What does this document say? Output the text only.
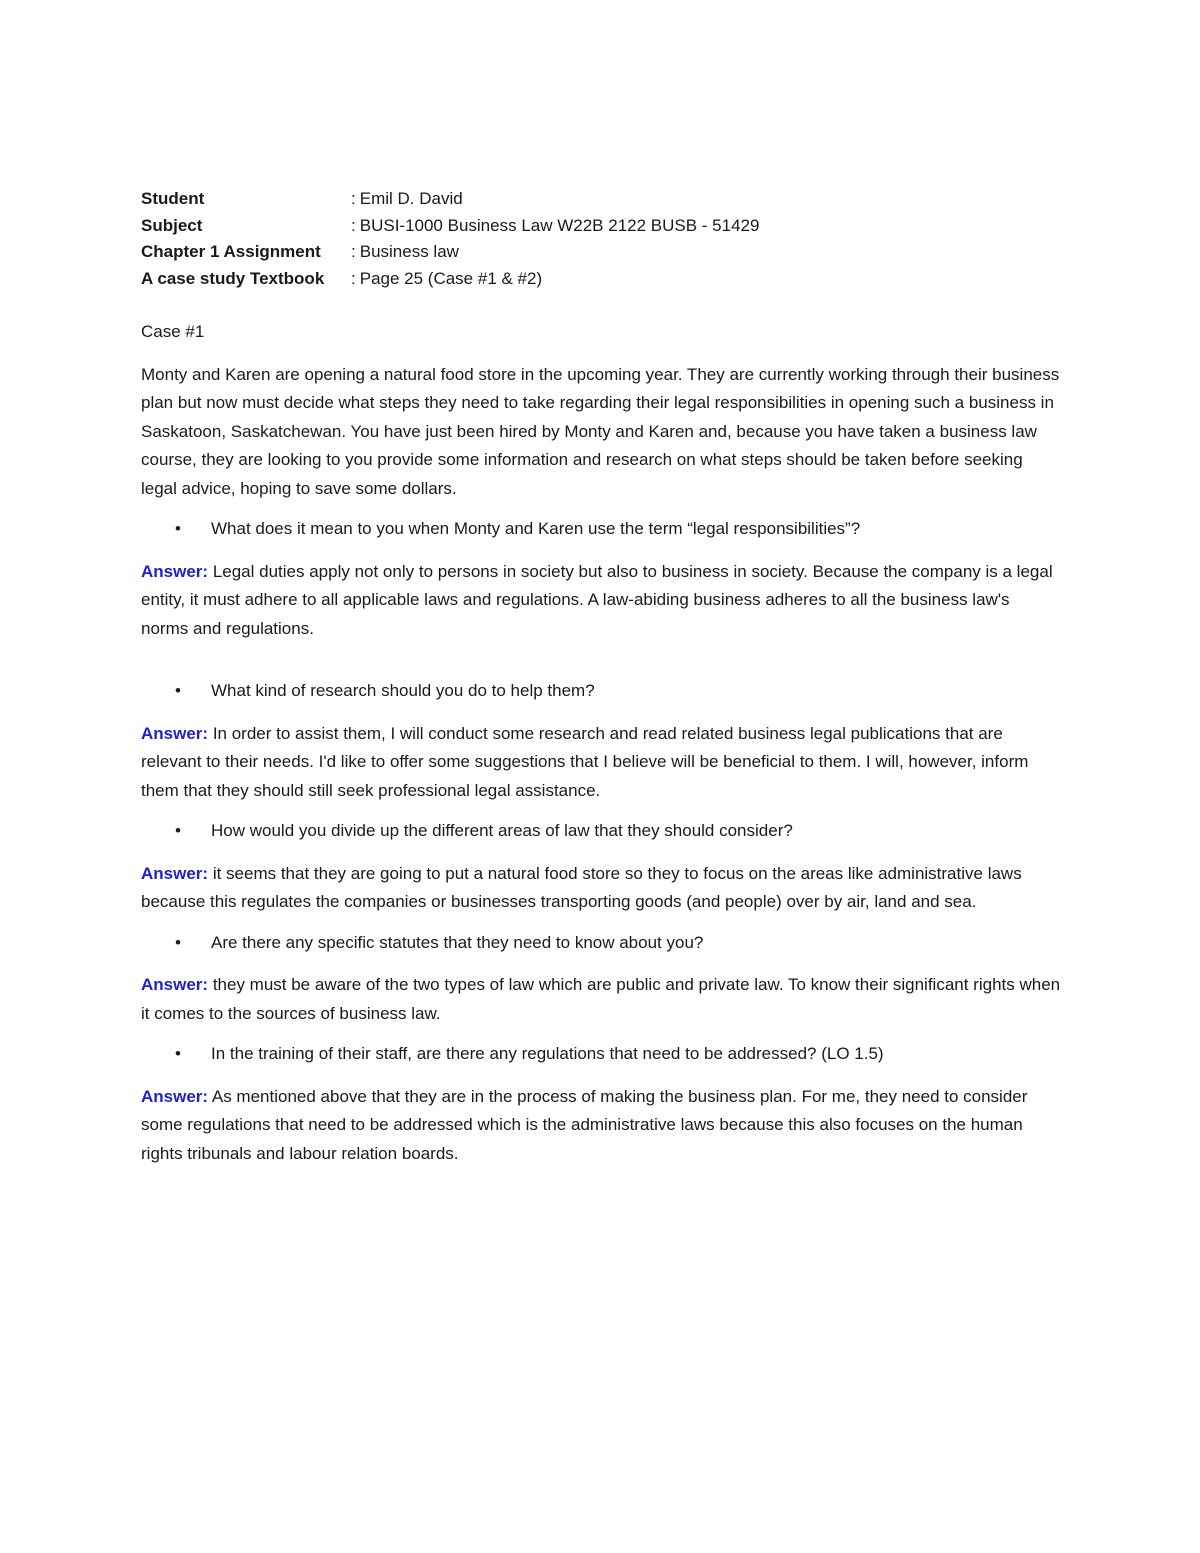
Student	: Emil D. David
Subject	: BUSI-1000 Business Law W22B 2122 BUSB - 51429
Chapter 1 Assignment	: Business law
A case study Textbook	: Page 25 (Case #1 & #2)

Case #1

Monty and Karen are opening a natural food store in the upcoming year. They are currently working through their business plan but now must decide what steps they need to take regarding their legal responsibilities in opening such a business in Saskatoon, Saskatchewan. You have just been hired by Monty and Karen and, because you have taken a business law course, they are looking to you provide some information and research on what steps should be taken before seeking legal advice, hoping to save some dollars.

• What does it mean to you when Monty and Karen use the term “legal responsibilities”?

Answer: Legal duties apply not only to persons in society but also to business in society. Because the company is a legal entity, it must adhere to all applicable laws and regulations. A law-abiding business adheres to all the business law's norms and regulations.

• What kind of research should you do to help them?

Answer: In order to assist them, I will conduct some research and read related business legal publications that are relevant to their needs. I'd like to offer some suggestions that I believe will be beneficial to them. I will, however, inform them that they should still seek professional legal assistance.

• How would you divide up the different areas of law that they should consider?

Answer: it seems that they are going to put a natural food store so they to focus on the areas like administrative laws because this regulates the companies or businesses transporting goods (and people) over by air, land and sea.

• Are there any specific statutes that they need to know about you?

Answer: they must be aware of the two types of law which are public and private law. To know their significant rights when it comes to the sources of business law.

• In the training of their staff, are there any regulations that need to be addressed? (LO 1.5)

Answer: As mentioned above that they are in the process of making the business plan. For me, they need to consider some regulations that need to be addressed which is the administrative laws because this also focuses on the human rights tribunals and labour relation boards.
